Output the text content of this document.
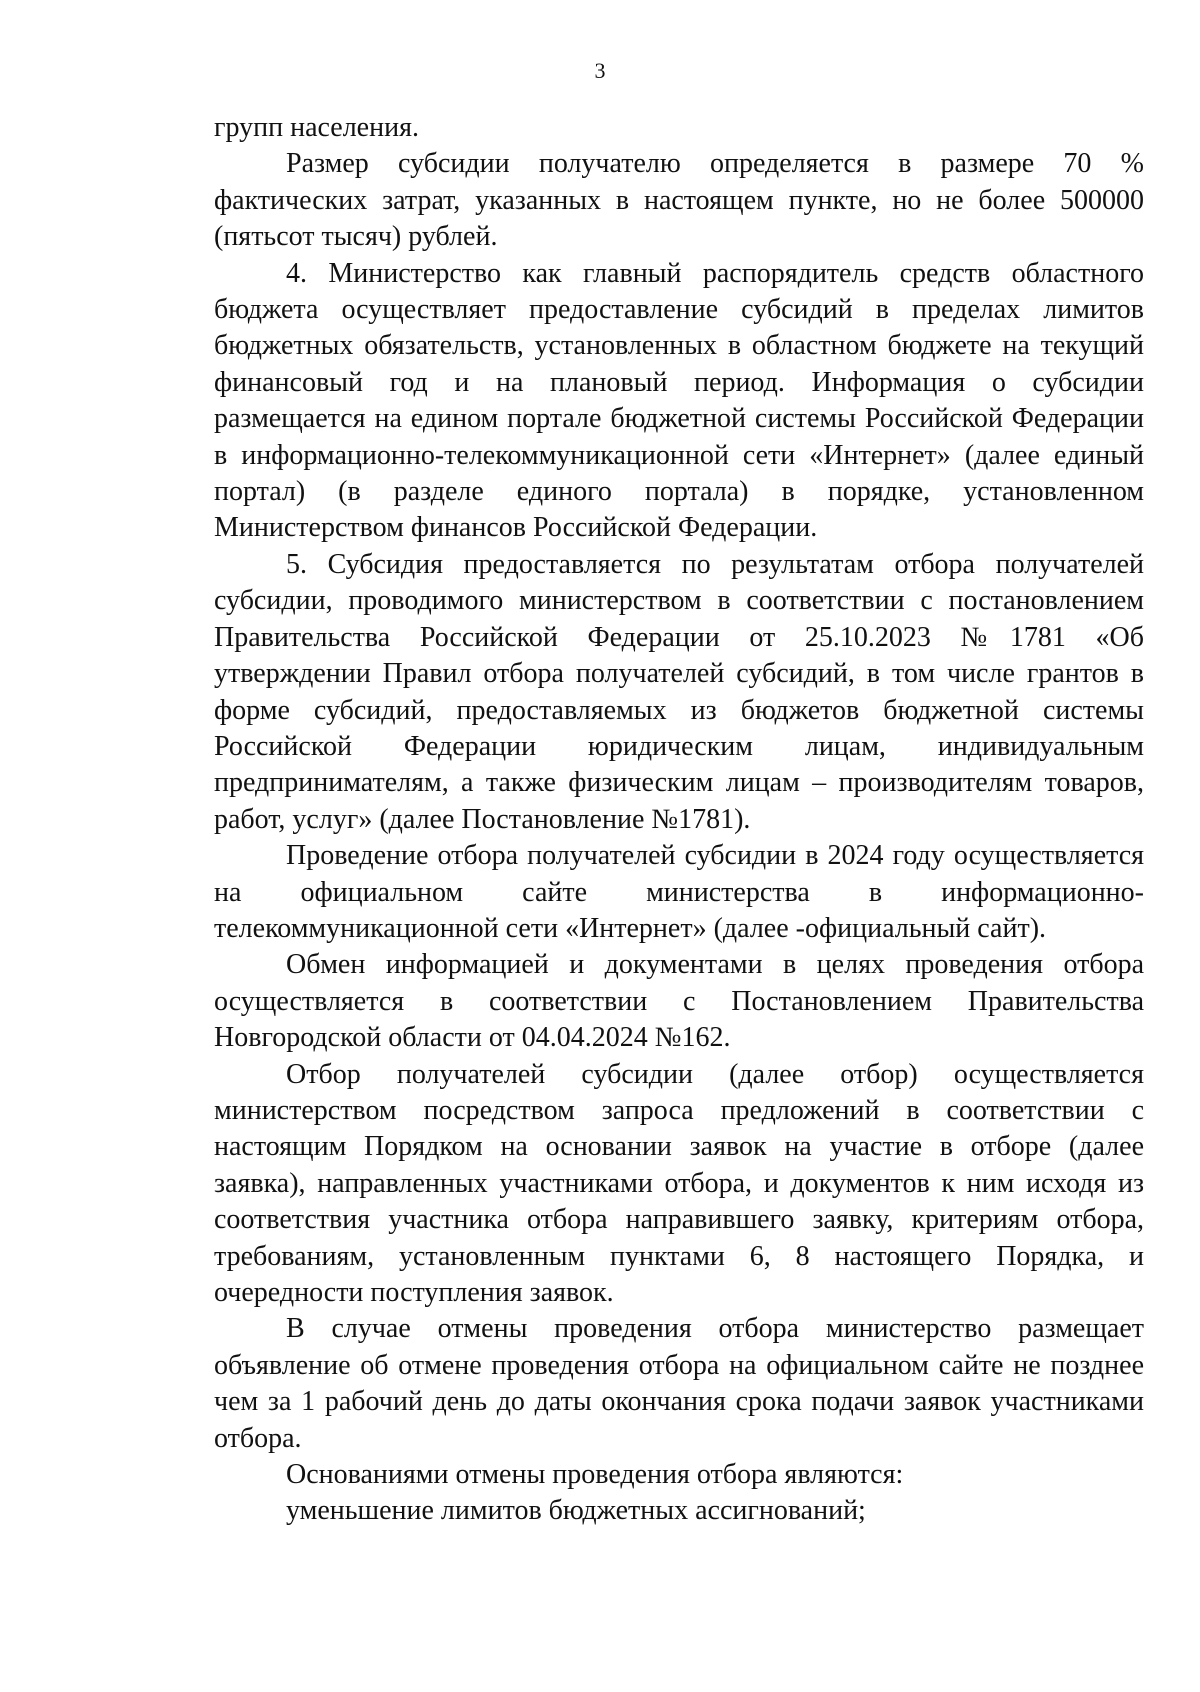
3

групп населения.

Размер субсидии получателю определяется в размере 70 % фактических затрат, указанных в настоящем пункте, но не более 500000 (пятьсот тысяч) рублей.

4. Министерство как главный распорядитель средств областного бюджета осуществляет предоставление субсидий в пределах лимитов бюджетных обязательств, установленных в областном бюджете на текущий финансовый год и на плановый период. Информация о субсидии размещается на едином портале бюджетной системы Российской Федерации в информационно-телекоммуникационной сети «Интернет» (далее единый портал) (в разделе единого портала) в порядке, установленном Министерством финансов Российской Федерации.

5. Субсидия предоставляется по результатам отбора получателей субсидии, проводимого министерством в соответствии с постановлением Правительства Российской Федерации от 25.10.2023 №1781 «Об утверждении Правил отбора получателей субсидий, в том числе грантов в форме субсидий, предоставляемых из бюджетов бюджетной системы Российской Федерации юридическим лицам, индивидуальным предпринимателям, а также физическим лицам – производителям товаров, работ, услуг» (далее Постановление №1781).

Проведение отбора получателей субсидии в 2024 году осуществляется на официальном сайте министерства в информационно-телекоммуникационной сети «Интернет» (далее -официальный сайт).

Обмен информацией и документами в целях проведения отбора осуществляется в соответствии с Постановлением Правительства Новгородской области от 04.04.2024 №162.

Отбор получателей субсидии (далее отбор) осуществляется министерством посредством запроса предложений в соответствии с настоящим Порядком на основании заявок на участие в отборе (далее заявка), направленных участниками отбора, и документов к ним исходя из соответствия участника отбора направившего заявку, критериям отбора, требованиям, установленным пунктами 6, 8 настоящего Порядка, и очередности поступления заявок.

В случае отмены проведения отбора министерство размещает объявление об отмене проведения отбора на официальном сайте не позднее чем за 1 рабочий день до даты окончания срока подачи заявок участниками отбора.

Основаниями отмены проведения отбора являются:

уменьшение лимитов бюджетных ассигнований;
